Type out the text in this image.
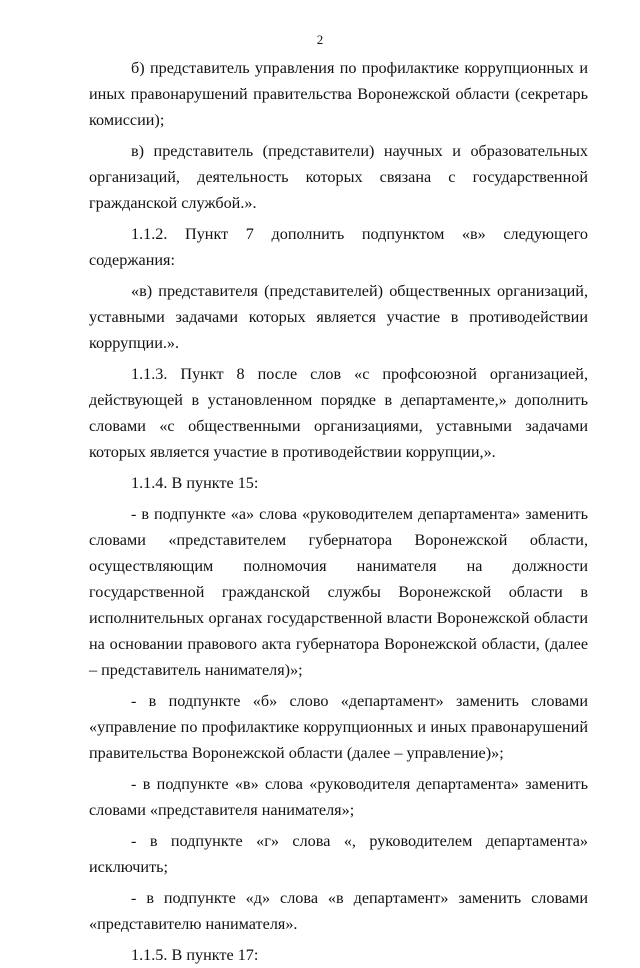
2

б) представитель управления по профилактике коррупционных и иных правонарушений правительства Воронежской области (секретарь комиссии);

в) представитель (представители) научных и образовательных организаций, деятельность которых связана с государственной гражданской службой.».

1.1.2. Пункт 7 дополнить подпунктом «в» следующего содержания:

«в) представителя (представителей) общественных организаций, уставными задачами которых является участие в противодействии коррупции.».

1.1.3. Пункт 8 после слов «с профсоюзной организацией, действующей в установленном порядке в департаменте,» дополнить словами «с общественными организациями, уставными задачами которых является участие в противодействии коррупции,».

1.1.4. В пункте 15:

- в подпункте «а» слова «руководителем департамента» заменить словами «представителем губернатора Воронежской области, осуществляющим полномочия нанимателя на должности государственной гражданской службы Воронежской области в исполнительных органах государственной власти Воронежской области на основании правового акта губернатора Воронежской области, (далее – представитель нанимателя)»;

- в подпункте «б» слово «департамент» заменить словами «управление по профилактике коррупционных и иных правонарушений правительства Воронежской области (далее – управление)»;

- в подпункте «в» слова «руководителя департамента» заменить словами «представителя нанимателя»;

- в подпункте «г» слова «, руководителем департамента» исключить;

- в подпункте «д» слова «в департамент» заменить словами «представителю нанимателя».

1.1.5. В пункте 17:
